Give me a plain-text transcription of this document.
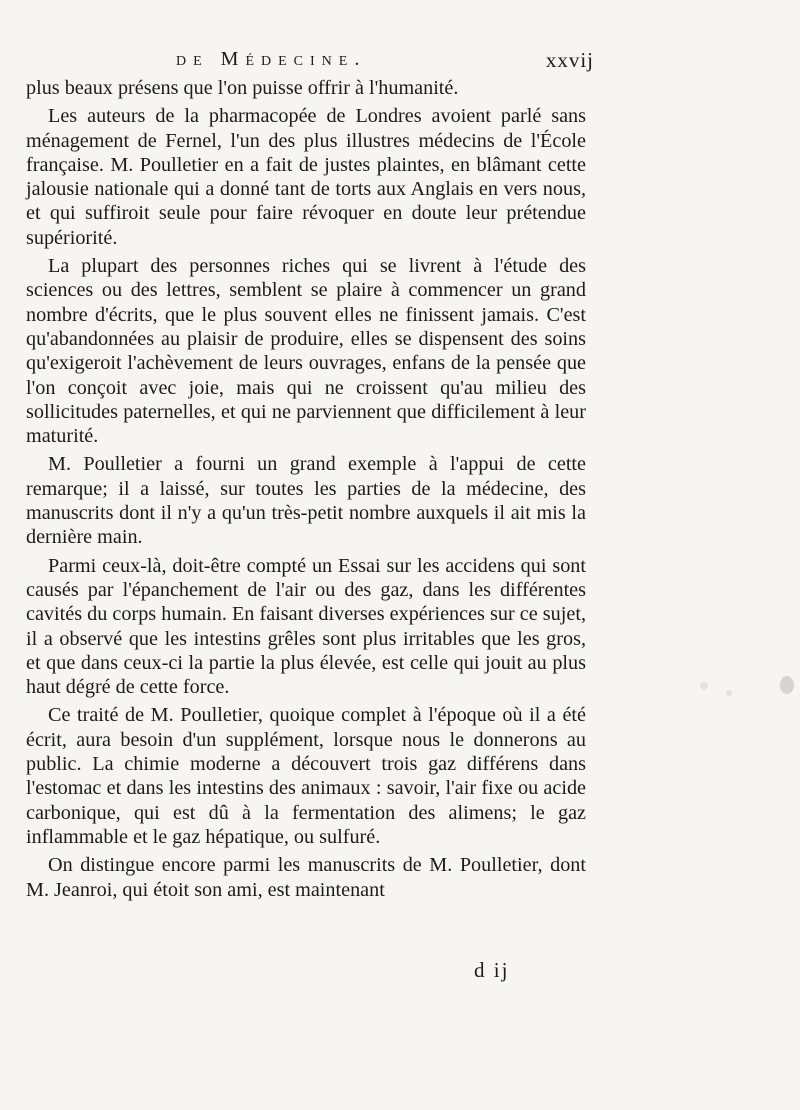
de Médecine.	xxvij

plus beaux présens que l'on puisse offrir à l'humanité.

Les auteurs de la pharmacopée de Londres avoient parlé sans ménagement de Fernel, l'un des plus illustres médecins de l'École française. M. Poulletier en a fait de justes plaintes, en blâmant cette jalousie nationale qui a donné tant de torts aux Anglais en vers nous, et qui suffiroit seule pour faire révoquer en doute leur prétendue supériorité.

La plupart des personnes riches qui se livrent à l'étude des sciences ou des lettres, semblent se plaire à commencer un grand nombre d'écrits, que le plus souvent elles ne finissent jamais. C'est qu'abandonnées au plaisir de produire, elles se dispensent des soins qu'exigeroit l'achèvement de leurs ouvrages, enfans de la pensée que l'on conçoit avec joie, mais qui ne croissent qu'au milieu des sollicitudes paternelles, et qui ne parviennent que difficilement à leur maturité.

M. Poulletier a fourni un grand exemple à l'appui de cette remarque; il a laissé, sur toutes les parties de la médecine, des manuscrits dont il n'y a qu'un très-petit nombre auxquels il ait mis la dernière main.

Parmi ceux-là, doit-être compté un Essai sur les accidens qui sont causés par l'épanchement de l'air ou des gaz, dans les différentes cavités du corps humain. En faisant diverses expériences sur ce sujet, il a observé que les intestins grêles sont plus irritables que les gros, et que dans ceux-ci la partie la plus élevée, est celle qui jouit au plus haut dégré de cette force.

Ce traité de M. Poulletier, quoique complet à l'époque où il a été écrit, aura besoin d'un supplément, lorsque nous le donnerons au public. La chimie moderne a découvert trois gaz différens dans l'estomac et dans les intestins des animaux : savoir, l'air fixe ou acide carbonique, qui est dû à la fermentation des alimens; le gaz inflammable et le gaz hépatique, ou sulfuré.

On distingue encore parmi les manuscrits de M. Poulletier, dont M. Jeanroi, qui étoit son ami, est maintenant

d ij
